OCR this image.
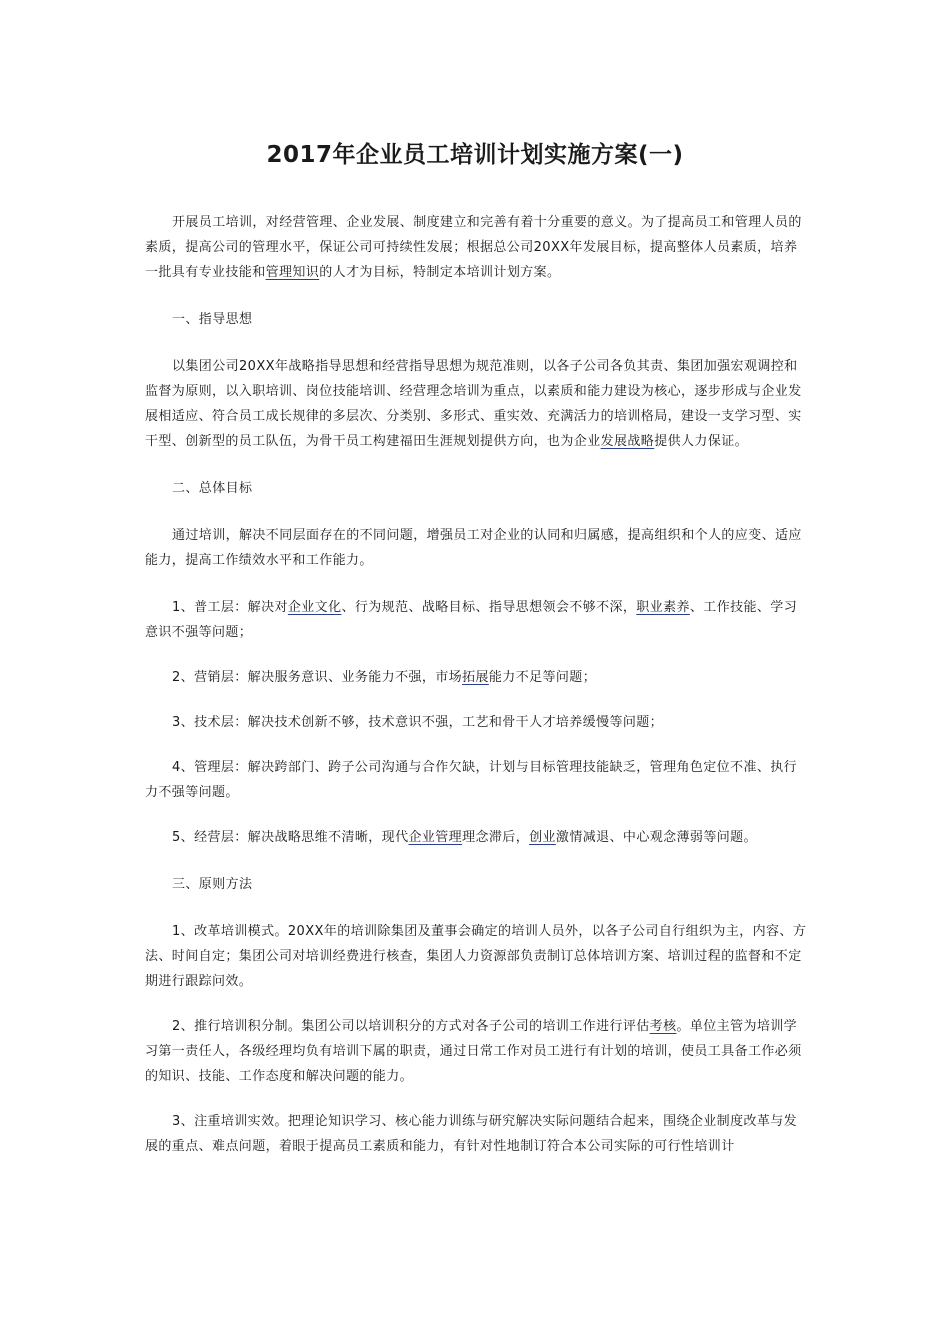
2017年企业员工培训计划实施方案(一)

开展员工培训，对经营管理、企业发展、制度建立和完善有着十分重要的意义。为了提高员工和管理人员的素质，提高公司的管理水平，保证公司可持续性发展；根据总公司20XX年发展目标，提高整体人员素质，培养一批具有专业技能和管理知识的人才为目标，特制定本培训计划方案。

一、指导思想

以集团公司20XX年战略指导思想和经营指导思想为规范准则，以各子公司各负其责、集团加强宏观调控和监督为原则，以入职培训、岗位技能培训、经营理念培训为重点，以素质和能力建设为核心，逐步形成与企业发展相适应、符合员工成长规律的多层次、分类别、多形式、重实效、充满活力的培训格局，建设一支学习型、实干型、创新型的员工队伍，为骨干员工构建福田生涯规划提供方向，也为企业发展战略提供人力保证。

二、总体目标

通过培训，解决不同层面存在的不同问题，增强员工对企业的认同和归属感，提高组织和个人的应变、适应能力，提高工作绩效水平和工作能力。

1、普工层：解决对企业文化、行为规范、战略目标、指导思想领会不够不深，职业素养、工作技能、学习意识不强等问题；

2、营销层：解决服务意识、业务能力不强，市场拓展能力不足等问题；

3、技术层：解决技术创新不够，技术意识不强，工艺和骨干人才培养缓慢等问题；

4、管理层：解决跨部门、跨子公司沟通与合作欠缺，计划与目标管理技能缺乏，管理角色定位不准、执行力不强等问题。

5、经营层：解决战略思维不清晰，现代企业管理理念滞后，创业激情减退、中心观念薄弱等问题。

三、原则方法

1、改革培训模式。20XX年的培训除集团及董事会确定的培训人员外，以各子公司自行组织为主，内容、方法、时间自定；集团公司对培训经费进行核查，集团人力资源部负责制订总体培训方案、培训过程的监督和不定期进行跟踪问效。

2、推行培训积分制。集团公司以培训积分的方式对各子公司的培训工作进行评估考核。单位主管为培训学习第一责任人，各级经理均负有培训下属的职责，通过日常工作对员工进行有计划的培训，使员工具备工作必须的知识、技能、工作态度和解决问题的能力。

3、注重培训实效。把理论知识学习、核心能力训练与研究解决实际问题结合起来，围绕企业制度改革与发展的重点、难点问题，着眼于提高员工素质和能力，有针对性地制订符合本公司实际的可行性培训计
